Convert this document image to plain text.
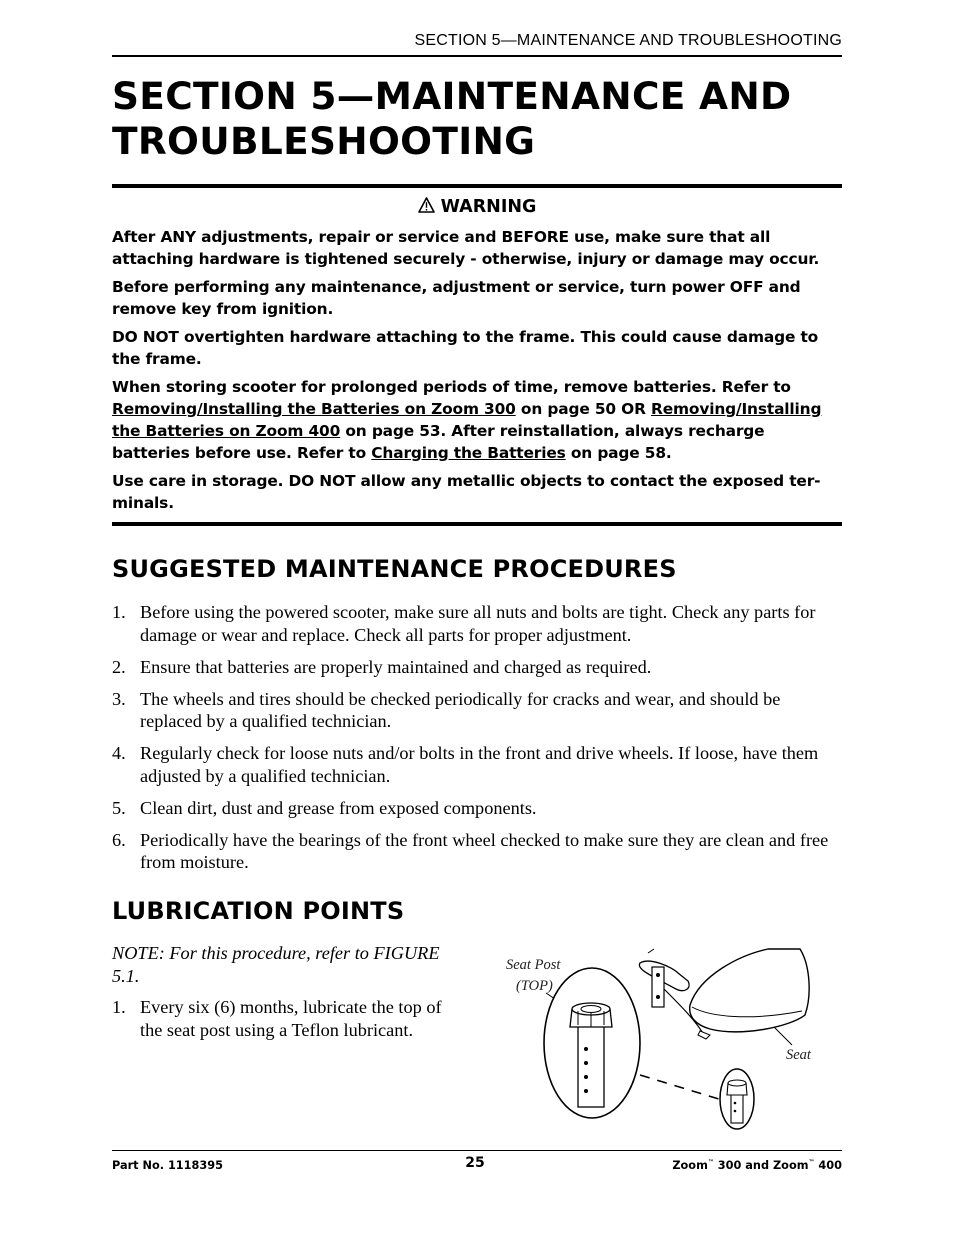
SECTION 5—MAINTENANCE AND TROUBLESHOOTING
SECTION 5—MAINTENANCE AND
TROUBLESHOOTING
WARNING

After ANY adjustments, repair or service and BEFORE use, make sure that all attaching hardware is tightened securely - otherwise, injury or damage may occur.

Before performing any maintenance, adjustment or service, turn power OFF and remove key from ignition.

DO NOT overtighten hardware attaching to the frame. This could cause damage to the frame.

When storing scooter for prolonged periods of time, remove batteries. Refer to Removing/Installing the Batteries on Zoom 300 on page 50 OR Removing/Installing the Batteries on Zoom 400 on page 53. After reinstallation, always recharge batteries before use. Refer to Charging the Batteries on page 58.

Use care in storage. DO NOT allow any metallic objects to contact the exposed ter-minals.

SUGGESTED MAINTENANCE PROCEDURES
1. Before using the powered scooter, make sure all nuts and bolts are tight. Check any parts for damage or wear and replace. Check all parts for proper adjustment.
2. Ensure that batteries are properly maintained and charged as required.
3. The wheels and tires should be checked periodically for cracks and wear, and should be replaced by a qualified technician.
4. Regularly check for loose nuts and/or bolts in the front and drive wheels. If loose, have them adjusted by a qualified technician.
5. Clean dirt, dust and grease from exposed components.
6. Periodically have the bearings of the front wheel checked to make sure they are clean and free from moisture.
LUBRICATION POINTS

NOTE: For this procedure, refer to FIGURE 5.1.

1. Every six (6) months, lubricate the top of the seat post using a Teflon lubricant.
Seat Post
(TOP)
Seat
Part No. 1118395	25	Zoom™ 300 and Zoom™ 400
